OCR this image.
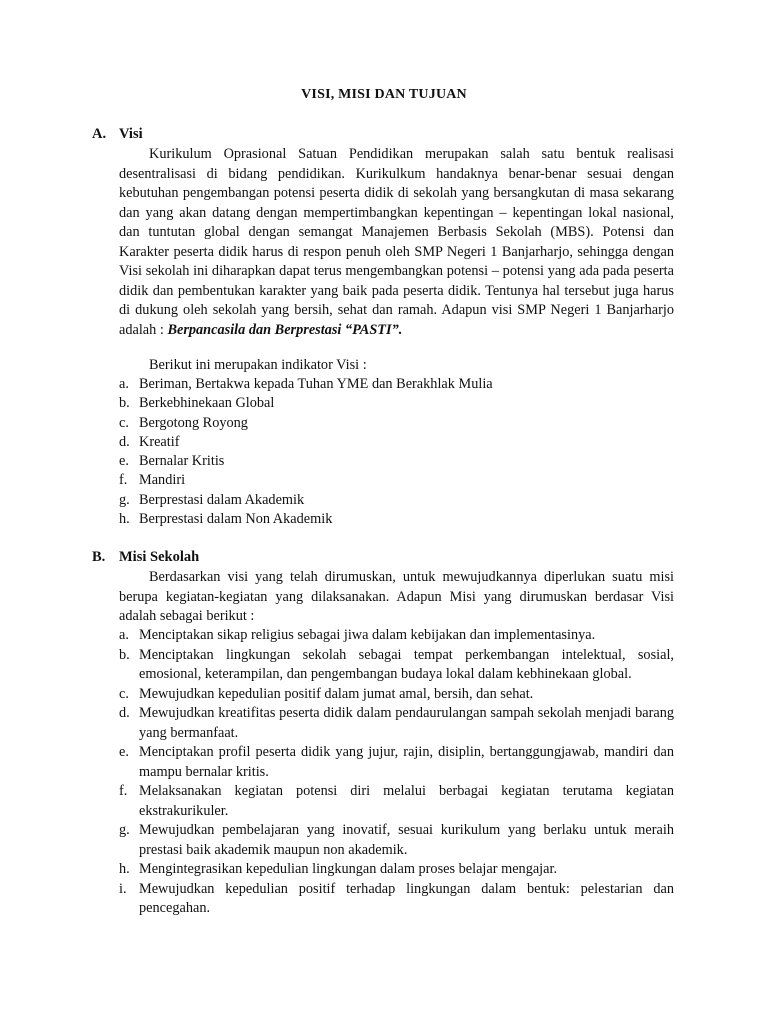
VISI, MISI DAN TUJUAN
A. Visi

Kurikulum Oprasional Satuan Pendidikan merupakan salah satu bentuk realisasi desentralisasi di bidang pendidikan. Kurikulkum handaknya benar-benar sesuai dengan kebutuhan pengembangan potensi peserta didik di sekolah yang bersangkutan di masa sekarang dan yang akan datang dengan mempertimbangkan kepentingan – kepentingan lokal nasional, dan tuntutan global dengan semangat Manajemen Berbasis Sekolah (MBS). Potensi dan Karakter peserta didik harus di respon penuh oleh SMP Negeri 1 Banjarharjo, sehingga dengan Visi sekolah ini diharapkan dapat terus mengembangkan potensi – potensi yang ada pada peserta didik dan pembentukan karakter yang baik pada peserta didik. Tentunya hal tersebut juga harus di dukung oleh sekolah yang bersih, sehat dan ramah. Adapun visi SMP Negeri 1 Banjarharjo adalah : Berpancasila dan Berprestasi “PASTI”.

Berikut ini merupakan indikator Visi :

a. Beriman, Bertakwa kepada Tuhan YME dan Berakhlak Mulia
b. Berkebhinekaan Global
c. Bergotong Royong
d. Kreatif
e. Bernalar Kritis
f. Mandiri
g. Berprestasi dalam Akademik
h. Berprestasi dalam Non Akademik
B. Misi Sekolah

Berdasarkan visi yang telah dirumuskan, untuk mewujudkannya diperlukan suatu misi berupa kegiatan-kegiatan yang dilaksanakan. Adapun Misi yang dirumuskan berdasar Visi adalah sebagai berikut :

a. Menciptakan sikap religius sebagai jiwa dalam kebijakan dan implementasinya.
b. Menciptakan lingkungan sekolah sebagai tempat perkembangan intelektual, sosial, emosional, keterampilan, dan pengembangan budaya lokal dalam kebhinekaan global.
c. Mewujudkan kepedulian positif dalam jumat amal, bersih, dan sehat.
d. Mewujudkan kreatifitas peserta didik dalam pendaurulangan sampah sekolah menjadi barang yang bermanfaat.
e. Menciptakan profil peserta didik yang jujur, rajin, disiplin, bertanggungjawab, mandiri dan mampu bernalar kritis.
f. Melaksanakan kegiatan potensi diri melalui berbagai kegiatan terutama kegiatan ekstrakurikuler.
g. Mewujudkan pembelajaran yang inovatif, sesuai kurikulum yang berlaku untuk meraih prestasi baik akademik maupun non akademik.
h. Mengintegrasikan kepedulian lingkungan dalam proses belajar mengajar.
i. Mewujudkan kepedulian positif terhadap lingkungan dalam bentuk: pelestarian dan pencegahan.
